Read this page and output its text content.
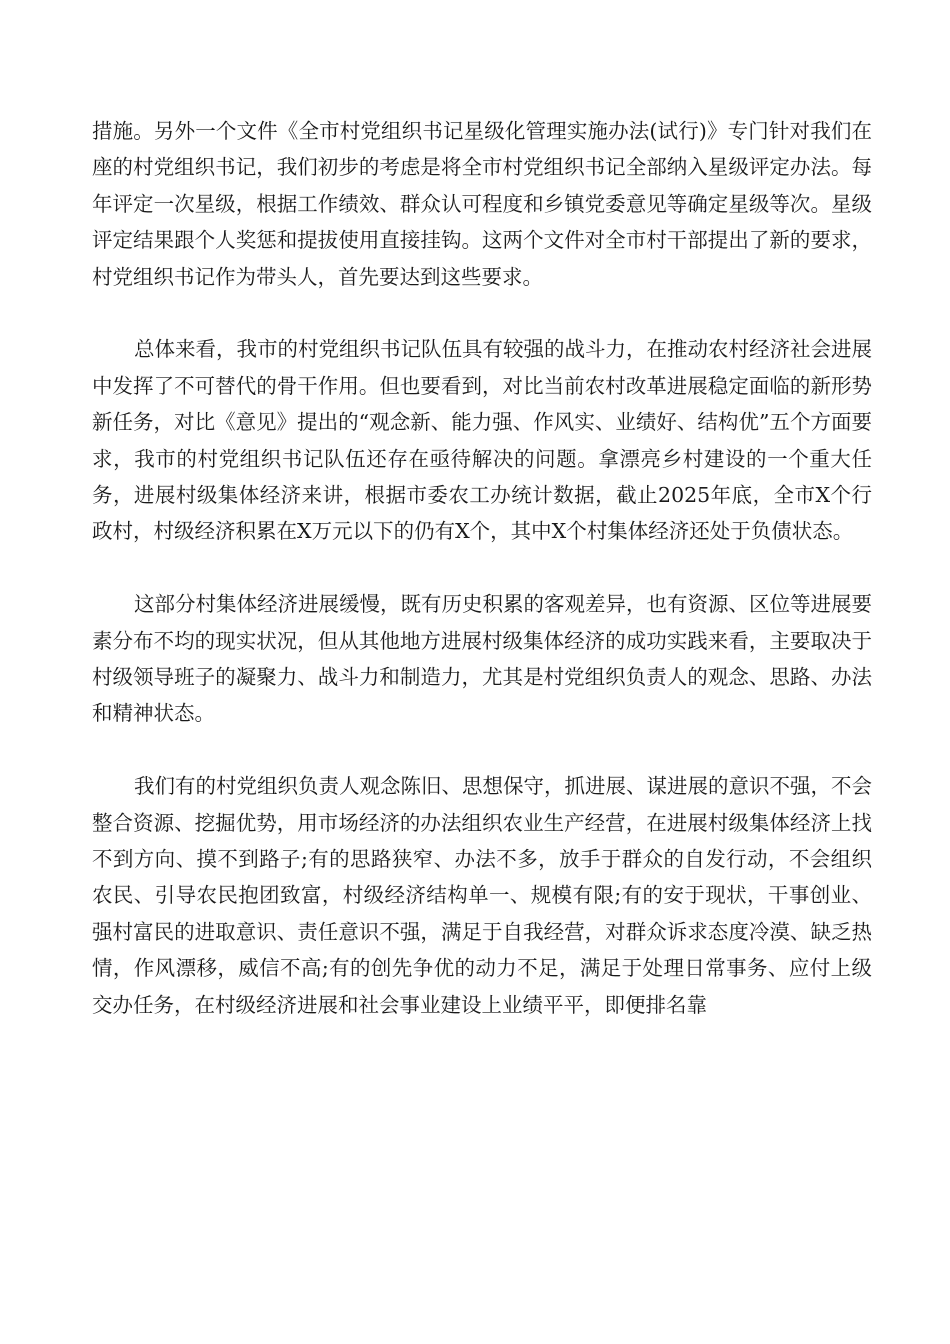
措施。另外一个文件《全市村党组织书记星级化管理实施办法(试行)》专门针对我们在座的村党组织书记，我们初步的考虑是将全市村党组织书记全部纳入星级评定办法。每年评定一次星级，根据工作绩效、群众认可程度和乡镇党委意见等确定星级等次。星级评定结果跟个人奖惩和提拔使用直接挂钩。这两个文件对全市村干部提出了新的要求，村党组织书记作为带头人，首先要达到这些要求。

总体来看，我市的村党组织书记队伍具有较强的战斗力，在推动农村经济社会进展中发挥了不可替代的骨干作用。但也要看到，对比当前农村改革进展稳定面临的新形势新任务，对比《意见》提出的“观念新、能力强、作风实、业绩好、结构优”五个方面要求，我市的村党组织书记队伍还存在亟待解决的问题。拿漂亮乡村建设的一个重大任务，进展村级集体经济来讲，根据市委农工办统计数据，截止2025年底，全市X个行政村，村级经济积累在X万元以下的仍有X个，其中X个村集体经济还处于负债状态。

这部分村集体经济进展缓慢，既有历史积累的客观差异，也有资源、区位等进展要素分布不均的现实状况，但从其他地方进展村级集体经济的成功实践来看，主要取决于村级领导班子的凝聚力、战斗力和制造力，尤其是村党组织负责人的观念、思路、办法和精神状态。

我们有的村党组织负责人观念陈旧、思想保守，抓进展、谋进展的意识不强，不会整合资源、挖掘优势，用市场经济的办法组织农业生产经营，在进展村级集体经济上找不到方向、摸不到路子;有的思路狭窄、办法不多，放手于群众的自发行动，不会组织农民、引导农民抱团致富，村级经济结构单一、规模有限;有的安于现状，干事创业、强村富民的进取意识、责任意识不强，满足于自我经营，对群众诉求态度冷漠、缺乏热情，作风漂移，威信不高;有的创先争优的动力不足，满足于处理日常事务、应付上级交办任务，在村级经济进展和社会事业建设上业绩平平，即便排名靠
